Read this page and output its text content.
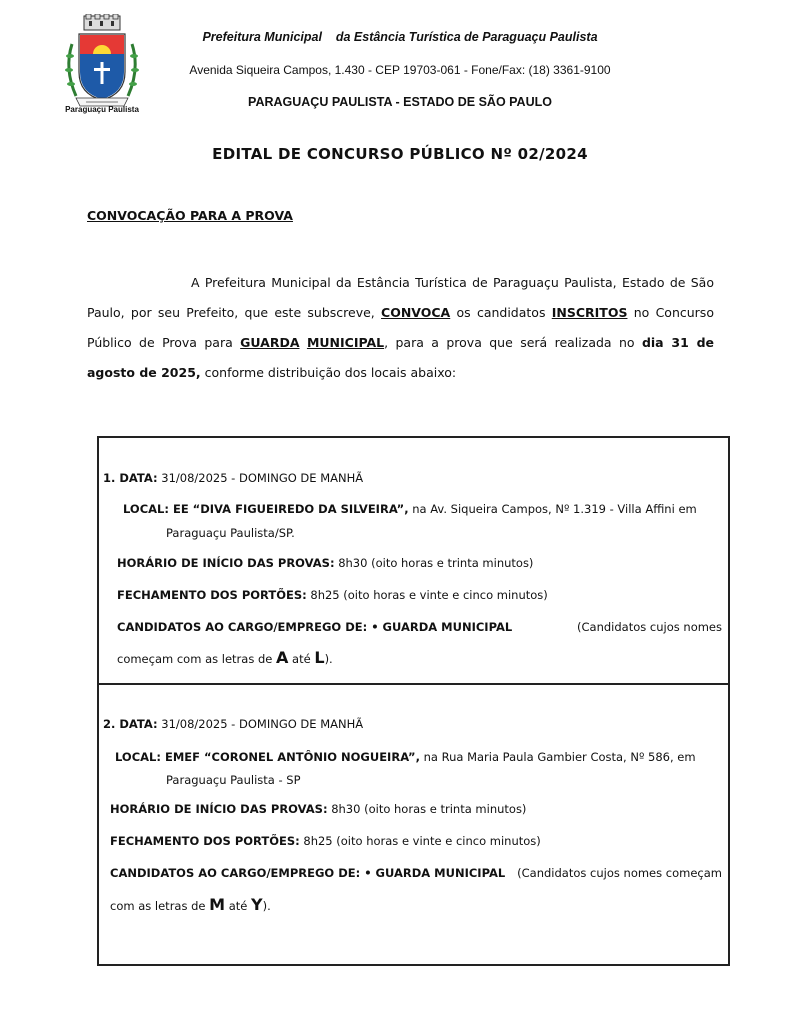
Paraguaçu Paulista
Prefeitura Municipal da Estância Turística de Paraguaçu Paulista
Avenida Siqueira Campos, 1.430 - CEP 19703-061 - Fone/Fax: (18) 3361-9100
PARAGUAÇU PAULISTA - ESTADO DE SÃO PAULO
EDITAL DE CONCURSO PÚBLICO Nº 02/2024
CONVOCAÇÃO PARA A PROVA
A Prefeitura Municipal da Estância Turística de Paraguaçu Paulista, Estado de São Paulo, por seu Prefeito, que este subscreve, CONVOCA os candidatos INSCRITOS no Concurso Público de Prova para GUARDA MUNICIPAL, para a prova que será realizada no dia 31 de agosto de 2025, conforme distribuição dos locais abaixo:
1. DATA: 31/08/2025 - DOMINGO DE MANHÃ
LOCAL: EE “DIVA FIGUEIREDO DA SILVEIRA”, na Av. Siqueira Campos, Nº 1.319 - Villa Affini em
Paraguaçu Paulista/SP.
HORÁRIO DE INÍCIO DAS PROVAS: 8h30 (oito horas e trinta minutos)
FECHAMENTO DOS PORTÕES: 8h25 (oito horas e vinte e cinco minutos)
CANDIDATOS AO CARGO/EMPREGO DE: • GUARDA MUNICIPAL	(Candidatos cujos nomes
começam com as letras de A até L).
2. DATA: 31/08/2025 - DOMINGO DE MANHÃ
LOCAL: EMEF “CORONEL ANTÔNIO NOGUEIRA”, na Rua Maria Paula Gambier Costa, Nº 586, em
Paraguaçu Paulista - SP
HORÁRIO DE INÍCIO DAS PROVAS: 8h30 (oito horas e trinta minutos)
FECHAMENTO DOS PORTÕES: 8h25 (oito horas e vinte e cinco minutos)
CANDIDATOS AO CARGO/EMPREGO DE: • GUARDA MUNICIPAL (Candidatos cujos nomes começam
com as letras de M até Y).
